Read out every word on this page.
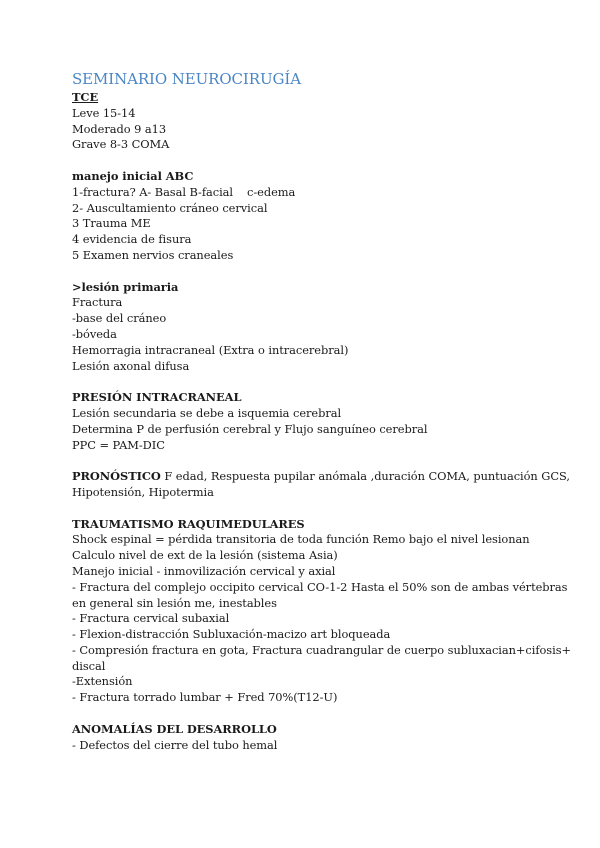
SEMINARIO NEUROCIRUGÍA
TCE
Leve 15-14
Moderado 9 a13
Grave 8-3 COMA
manejo inicial ABC
1-fractura? A- Basal B-facial c-edema
2- Auscultamiento cráneo cervical
3 Trauma ME
4 evidencia de fisura
5 Examen nervios craneales
>lesión primaria
Fractura
-base del cráneo
-bóveda
Hemorragia intracraneal (Extra o intracerebral)
Lesión axonal difusa
PRESIÓN INTRACRANEAL
Lesión secundaria se debe a isquemia cerebral
Determina P de perfusión cerebral y Flujo sanguíneo cerebral
PPC = PAM-DIC
PRONÓSTICO F edad, Respuesta pupilar anómala ,duración COMA, puntuación GCS,
Hipotensión, Hipotermia
TRAUMATISMO RAQUIMEDULARES
Shock espinal = pérdida transitoria de toda función Remo bajo el nivel lesionan
Calculo nivel de ext de la lesión (sistema Asia)
Manejo inicial - inmovilización cervical y axial
- Fractura del complejo occipito cervical CO-1-2 Hasta el 50% son de ambas vértebras
en general sin lesión me, inestables
- Fractura cervical subaxial
- Flexion-distracción Subluxación-macizo art bloqueada
- Compresión fractura en gota, Fractura cuadrangular de cuerpo subluxacian+cifosis+
discal
-Extensión
- Fractura torrado lumbar + Fred 70%(T12-U)
ANOMALÍAS DEL DESARROLLO
- Defectos del cierre del tubo hemal
